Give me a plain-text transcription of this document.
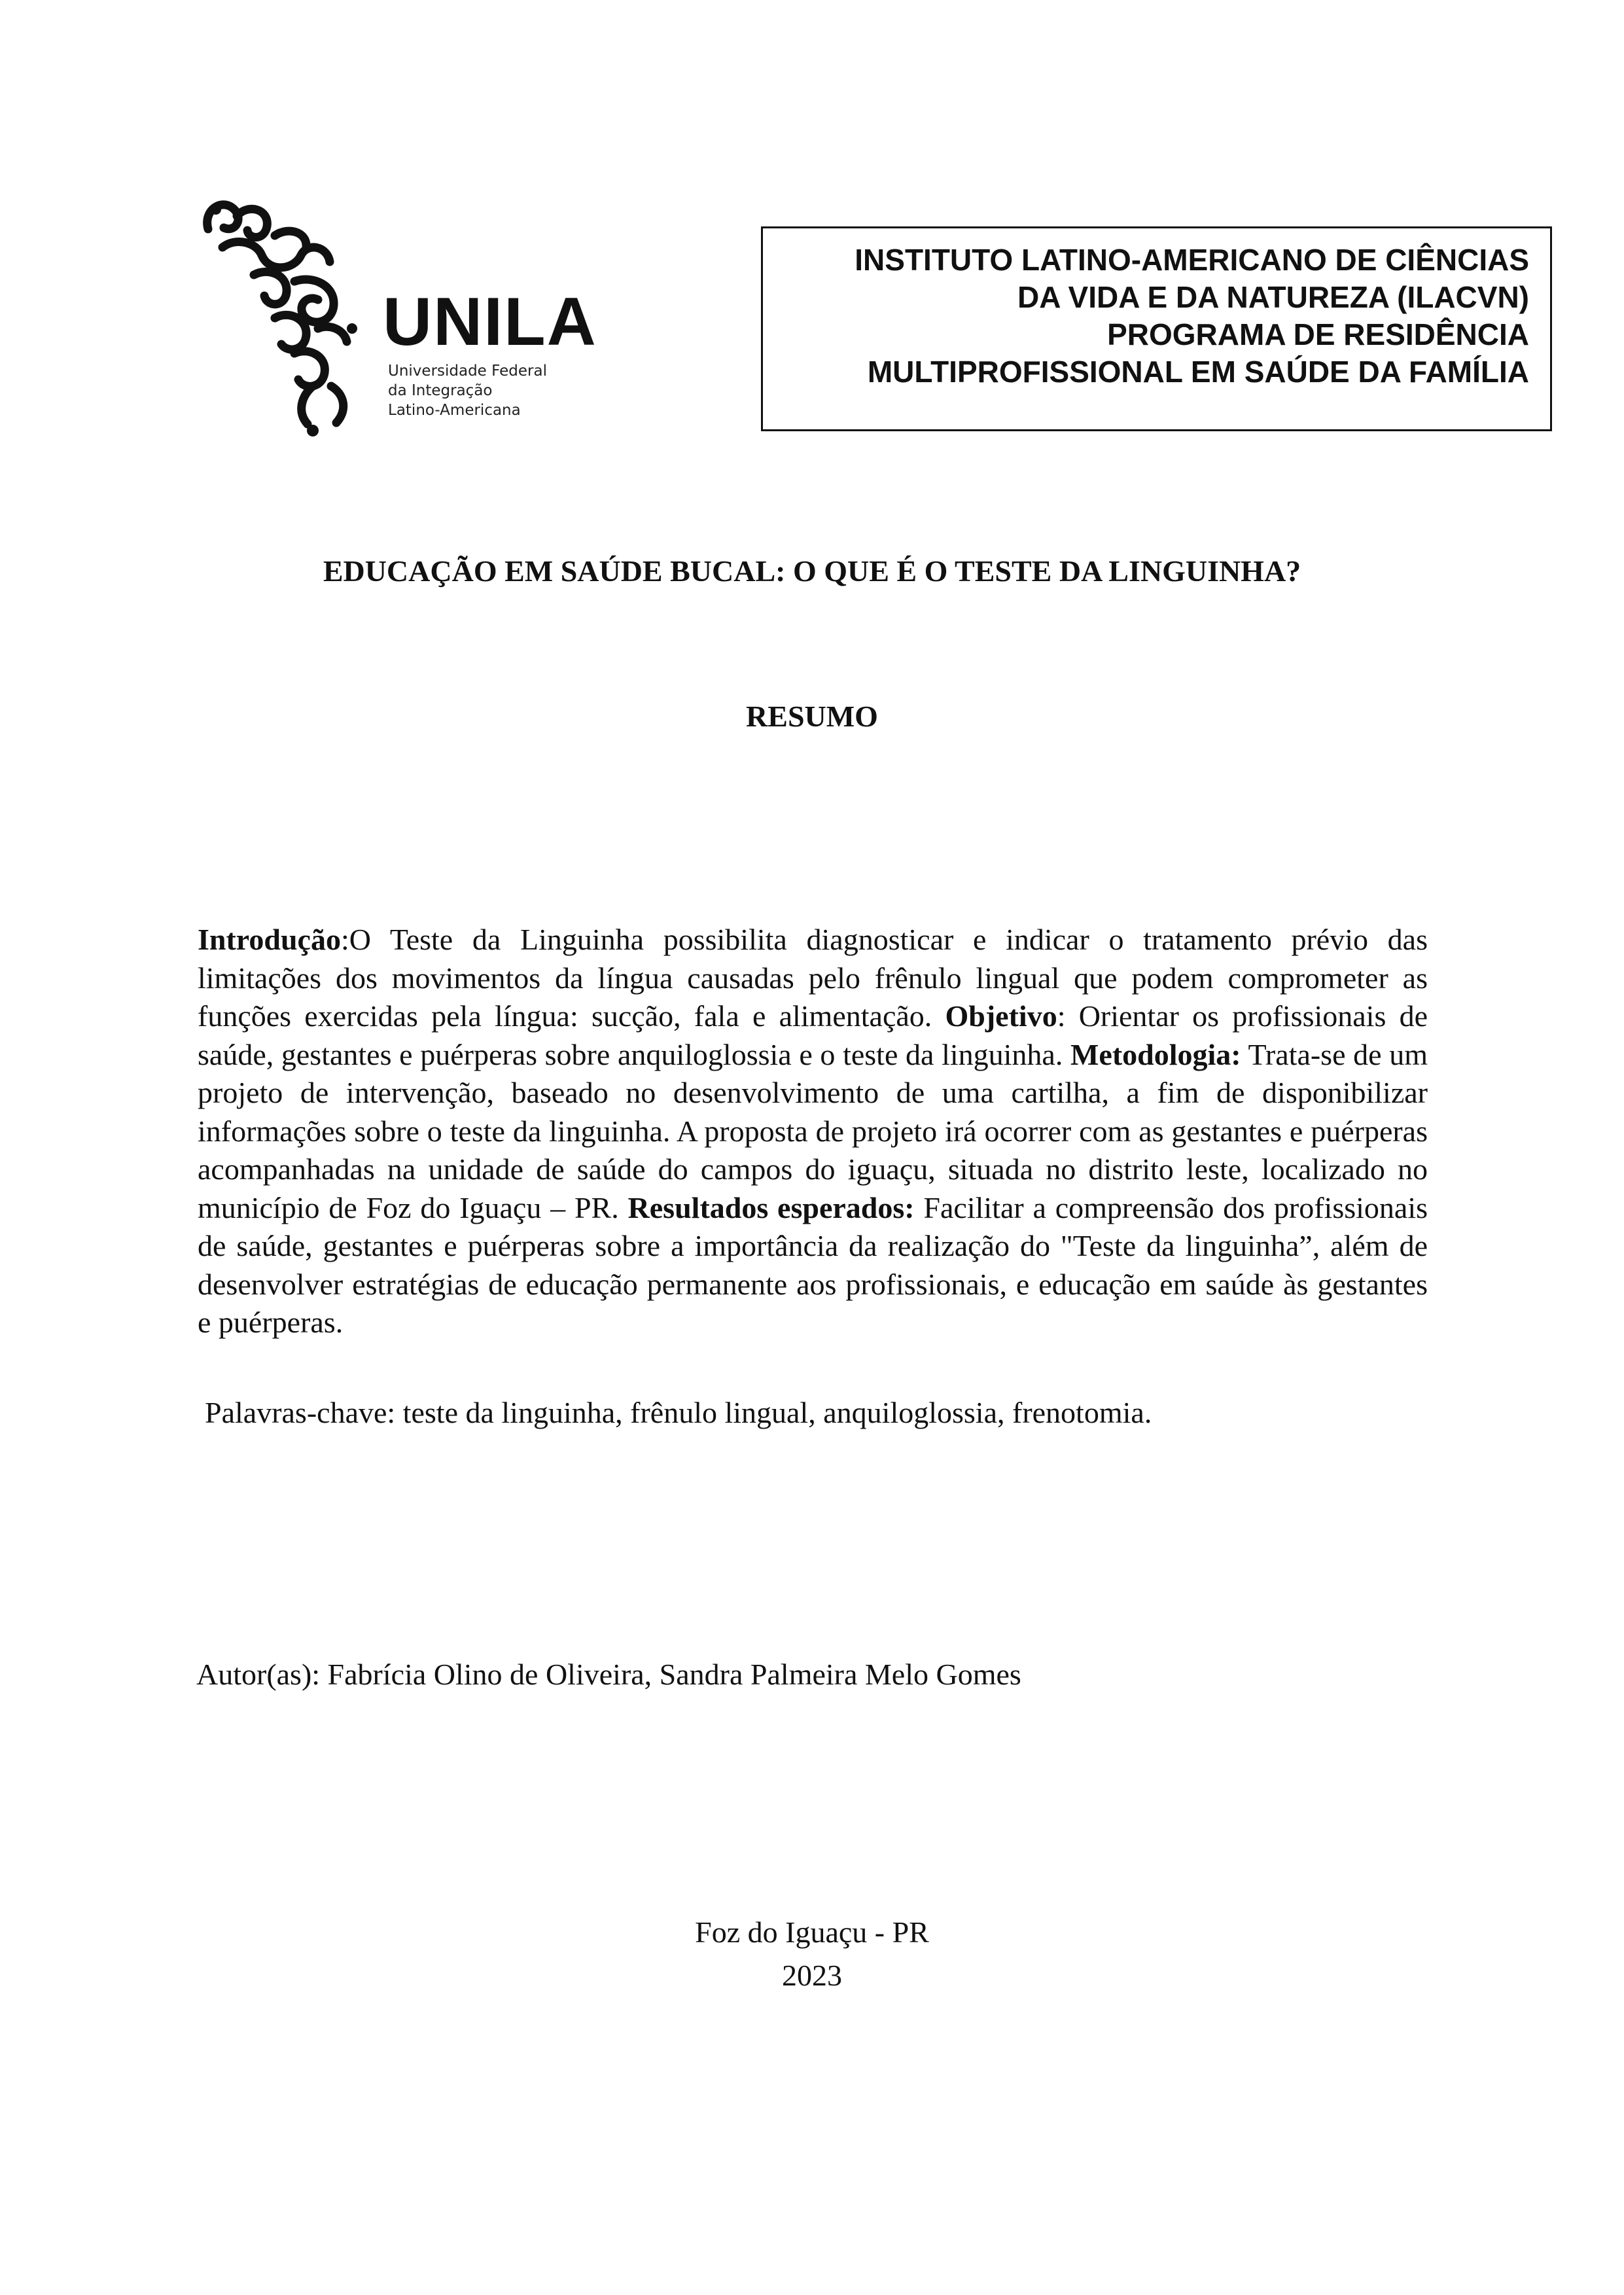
UNILA
Universidade Federal
da Integração
Latino-Americana
INSTITUTO LATINO-AMERICANO DE CIÊNCIAS
DA VIDA E DA NATUREZA (ILACVN)
PROGRAMA DE RESIDÊNCIA
MULTIPROFISSIONAL EM SAÚDE DA FAMÍLIA
EDUCAÇÃO EM SAÚDE BUCAL: O QUE É O TESTE DA LINGUINHA?
RESUMO
Introdução:O Teste da Linguinha possibilita diagnosticar e indicar o tratamento prévio das limitações dos movimentos da língua causadas pelo frênulo lingual que podem comprometer as funções exercidas pela língua: sucção, fala e alimentação. Objetivo: Orientar os profissionais de saúde, gestantes e puérperas sobre anquiloglossia e o teste da linguinha. Metodologia: Trata-se de um projeto de intervenção, baseado no desenvolvimento de uma cartilha, a fim de disponibilizar informações sobre o teste da linguinha. A proposta de projeto irá ocorrer com as gestantes e puérperas acompanhadas na unidade de saúde do campos do iguaçu, situada no distrito leste, localizado no município de Foz do Iguaçu – PR. Resultados esperados: Facilitar a compreensão dos profissionais de saúde, gestantes e puérperas sobre a importância da realização do "Teste da linguinha”, além de desenvolver estratégias de educação permanente aos profissionais, e educação em saúde às gestantes e puérperas.
Palavras-chave: teste da linguinha, frênulo lingual, anquiloglossia, frenotomia.
Autor(as): Fabrícia Olino de Oliveira, Sandra Palmeira Melo Gomes
Foz do Iguaçu - PR
2023
